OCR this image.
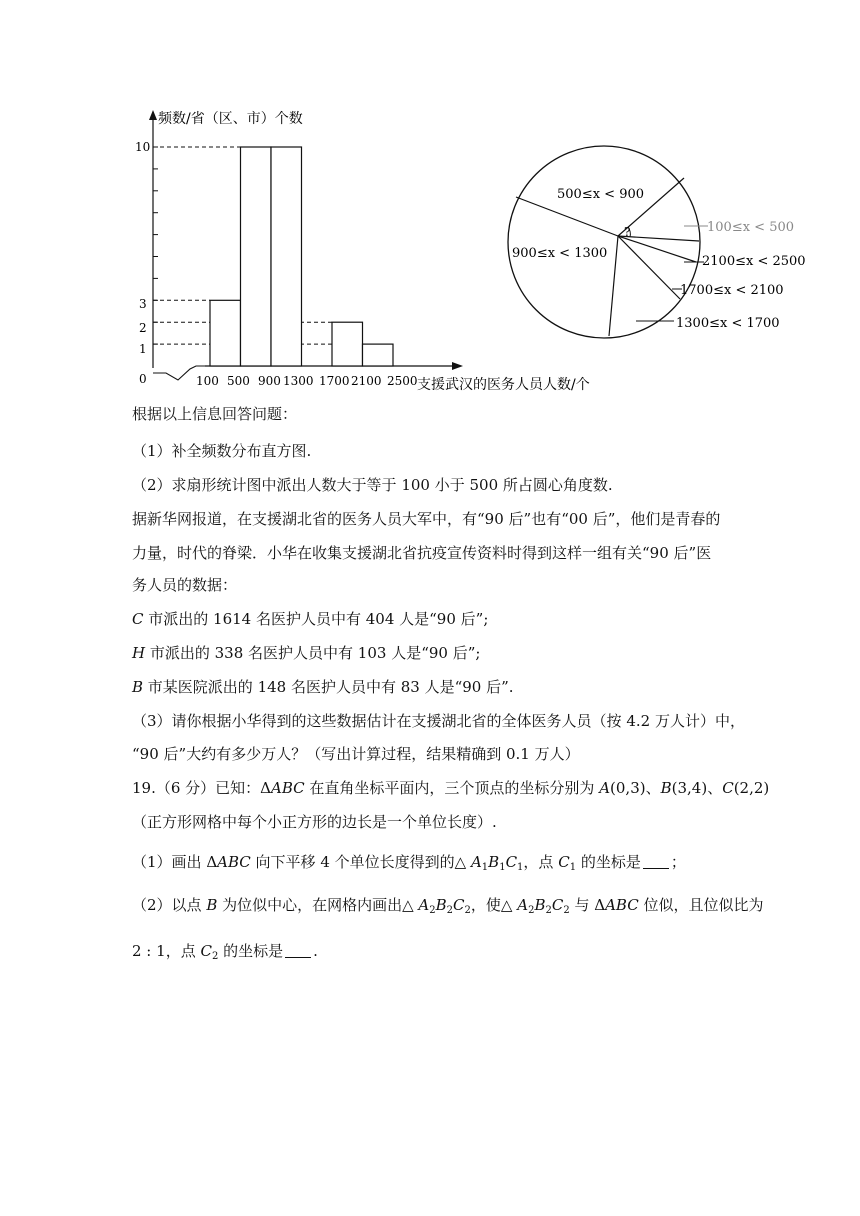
频数/省（区、市）个数
支援武汉的医务人员人数/个
0
10
3
2
1
100 500 900 1300 1700 2100 2500
?
500≤x < 900
900≤x < 1300
100≤x < 500
2100≤x < 2500
1700≤x < 2100
1300≤x < 1700
根据以上信息回答问题：
（1）补全频数分布直方图.
（2）求扇形统计图中派出人数大于等于 100 小于 500 所占圆心角度数.
据新华网报道，在支援湖北省的医务人员大军中，有“90 后”也有“00 后”，他们是青春的
力量，时代的脊梁．小华在收集支援湖北省抗疫宣传资料时得到这样一组有关“90 后”医
务人员的数据：
C 市派出的 1614 名医护人员中有 404 人是“90 后”;
H 市派出的 338 名医护人员中有 103 人是“90 后”;
B 市某医院派出的 148 名医护人员中有 83 人是“90 后”.
（3）请你根据小华得到的这些数据估计在支援湖北省的全体医务人员（按 4.2 万人计）中，
“90 后”大约有多少万人？（写出计算过程，结果精确到 0.1 万人）
19.（6 分）已知：ΔABC 在直角坐标平面内，三个顶点的坐标分别为 A(0,3)、B(3,4)、C(2,2)
（正方形网格中每个小正方形的边长是一个单位长度）.
（1）画出 ΔABC 向下平移 4 个单位长度得到的△ $A_1B_1C_1$，点 $C_1$ 的坐标是 ；
（2）以点 B 为位似中心，在网格内画出△ $A_2B_2C_2$，使△ $A_2B_2C_2$ 与 ΔABC 位似，且位似比为
2 : 1，点 $C_2$ 的坐标是 .
